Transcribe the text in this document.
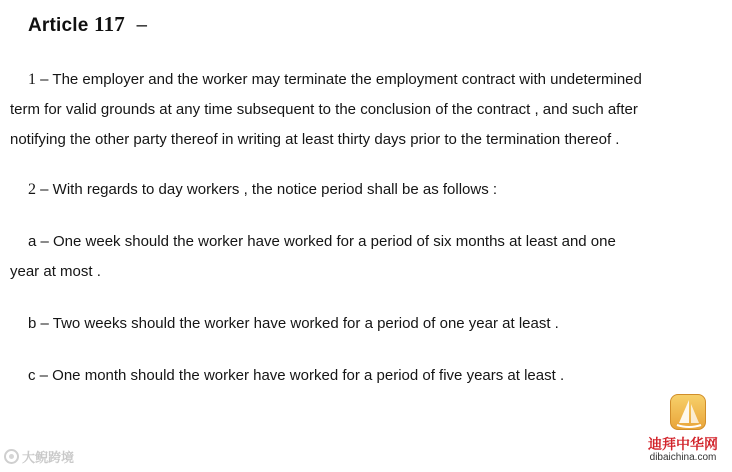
Article 117 –
1 – The employer and the worker may terminate the employment contract with undetermined
term for valid grounds at any time subsequent to the conclusion of the contract , and such after
notifying the other party thereof in writing at least thirty days prior to the termination thereof .
2 – With regards to day workers , the notice period shall be as follows :
a – One week should the worker have worked for a period of six months at least and one
year at most .
b – Two weeks should the worker have worked for a period of one year at least .
c – One month should the worker have worked for a period of five years at least .
大鲵跨境
迪拜中华网
dibaichina.com
